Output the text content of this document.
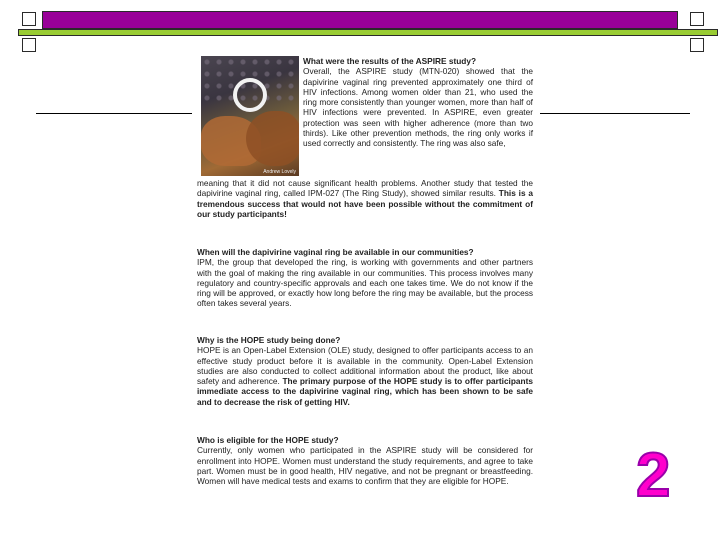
Andrew Lovely

What were the results of the ASPIRE study?

Overall, the ASPIRE study (MTN-020) showed that the dapivirine vaginal ring prevented approximately one third of HIV infections. Among women older than 21, who used the ring more consistently than younger women, more than half of HIV infections were prevented. In ASPIRE, even greater protection was seen with higher adherence (more than two thirds). Like other prevention methods, the ring only works if used correctly and consistently. The ring was also safe,

meaning that it did not cause significant health problems. Another study that tested the dapivirine vaginal ring, called IPM-027 (The Ring Study), showed similar results. This is a tremendous success that would not have been possible without the commitment of our study participants!

When will the dapivirine vaginal ring be available in our communities?

IPM, the group that developed the ring, is working with governments and other partners with the goal of making the ring available in our communities. This process involves many regulatory and country-specific approvals and each one takes time. We do not know if the ring will be approved, or exactly how long before the ring may be available, but the process often takes several years.

Why is the HOPE study being done?

HOPE is an Open-Label Extension (OLE) study, designed to offer participants access to an effective study product before it is available in the community. Open-Label Extension studies are also conducted to collect additional information about the product, like about safety and adherence. The primary purpose of the HOPE study is to offer participants immediate access to the dapivirine vaginal ring, which has been shown to be safe and to decrease the risk of getting HIV.

Who is eligible for the HOPE study?

Currently, only women who participated in the ASPIRE study will be considered for enrollment into HOPE. Women must understand the study requirements, and agree to take part. Women must be in good health, HIV negative, and not be pregnant or breastfeeding. Women will have medical tests and exams to confirm that they are eligible for HOPE.	2
